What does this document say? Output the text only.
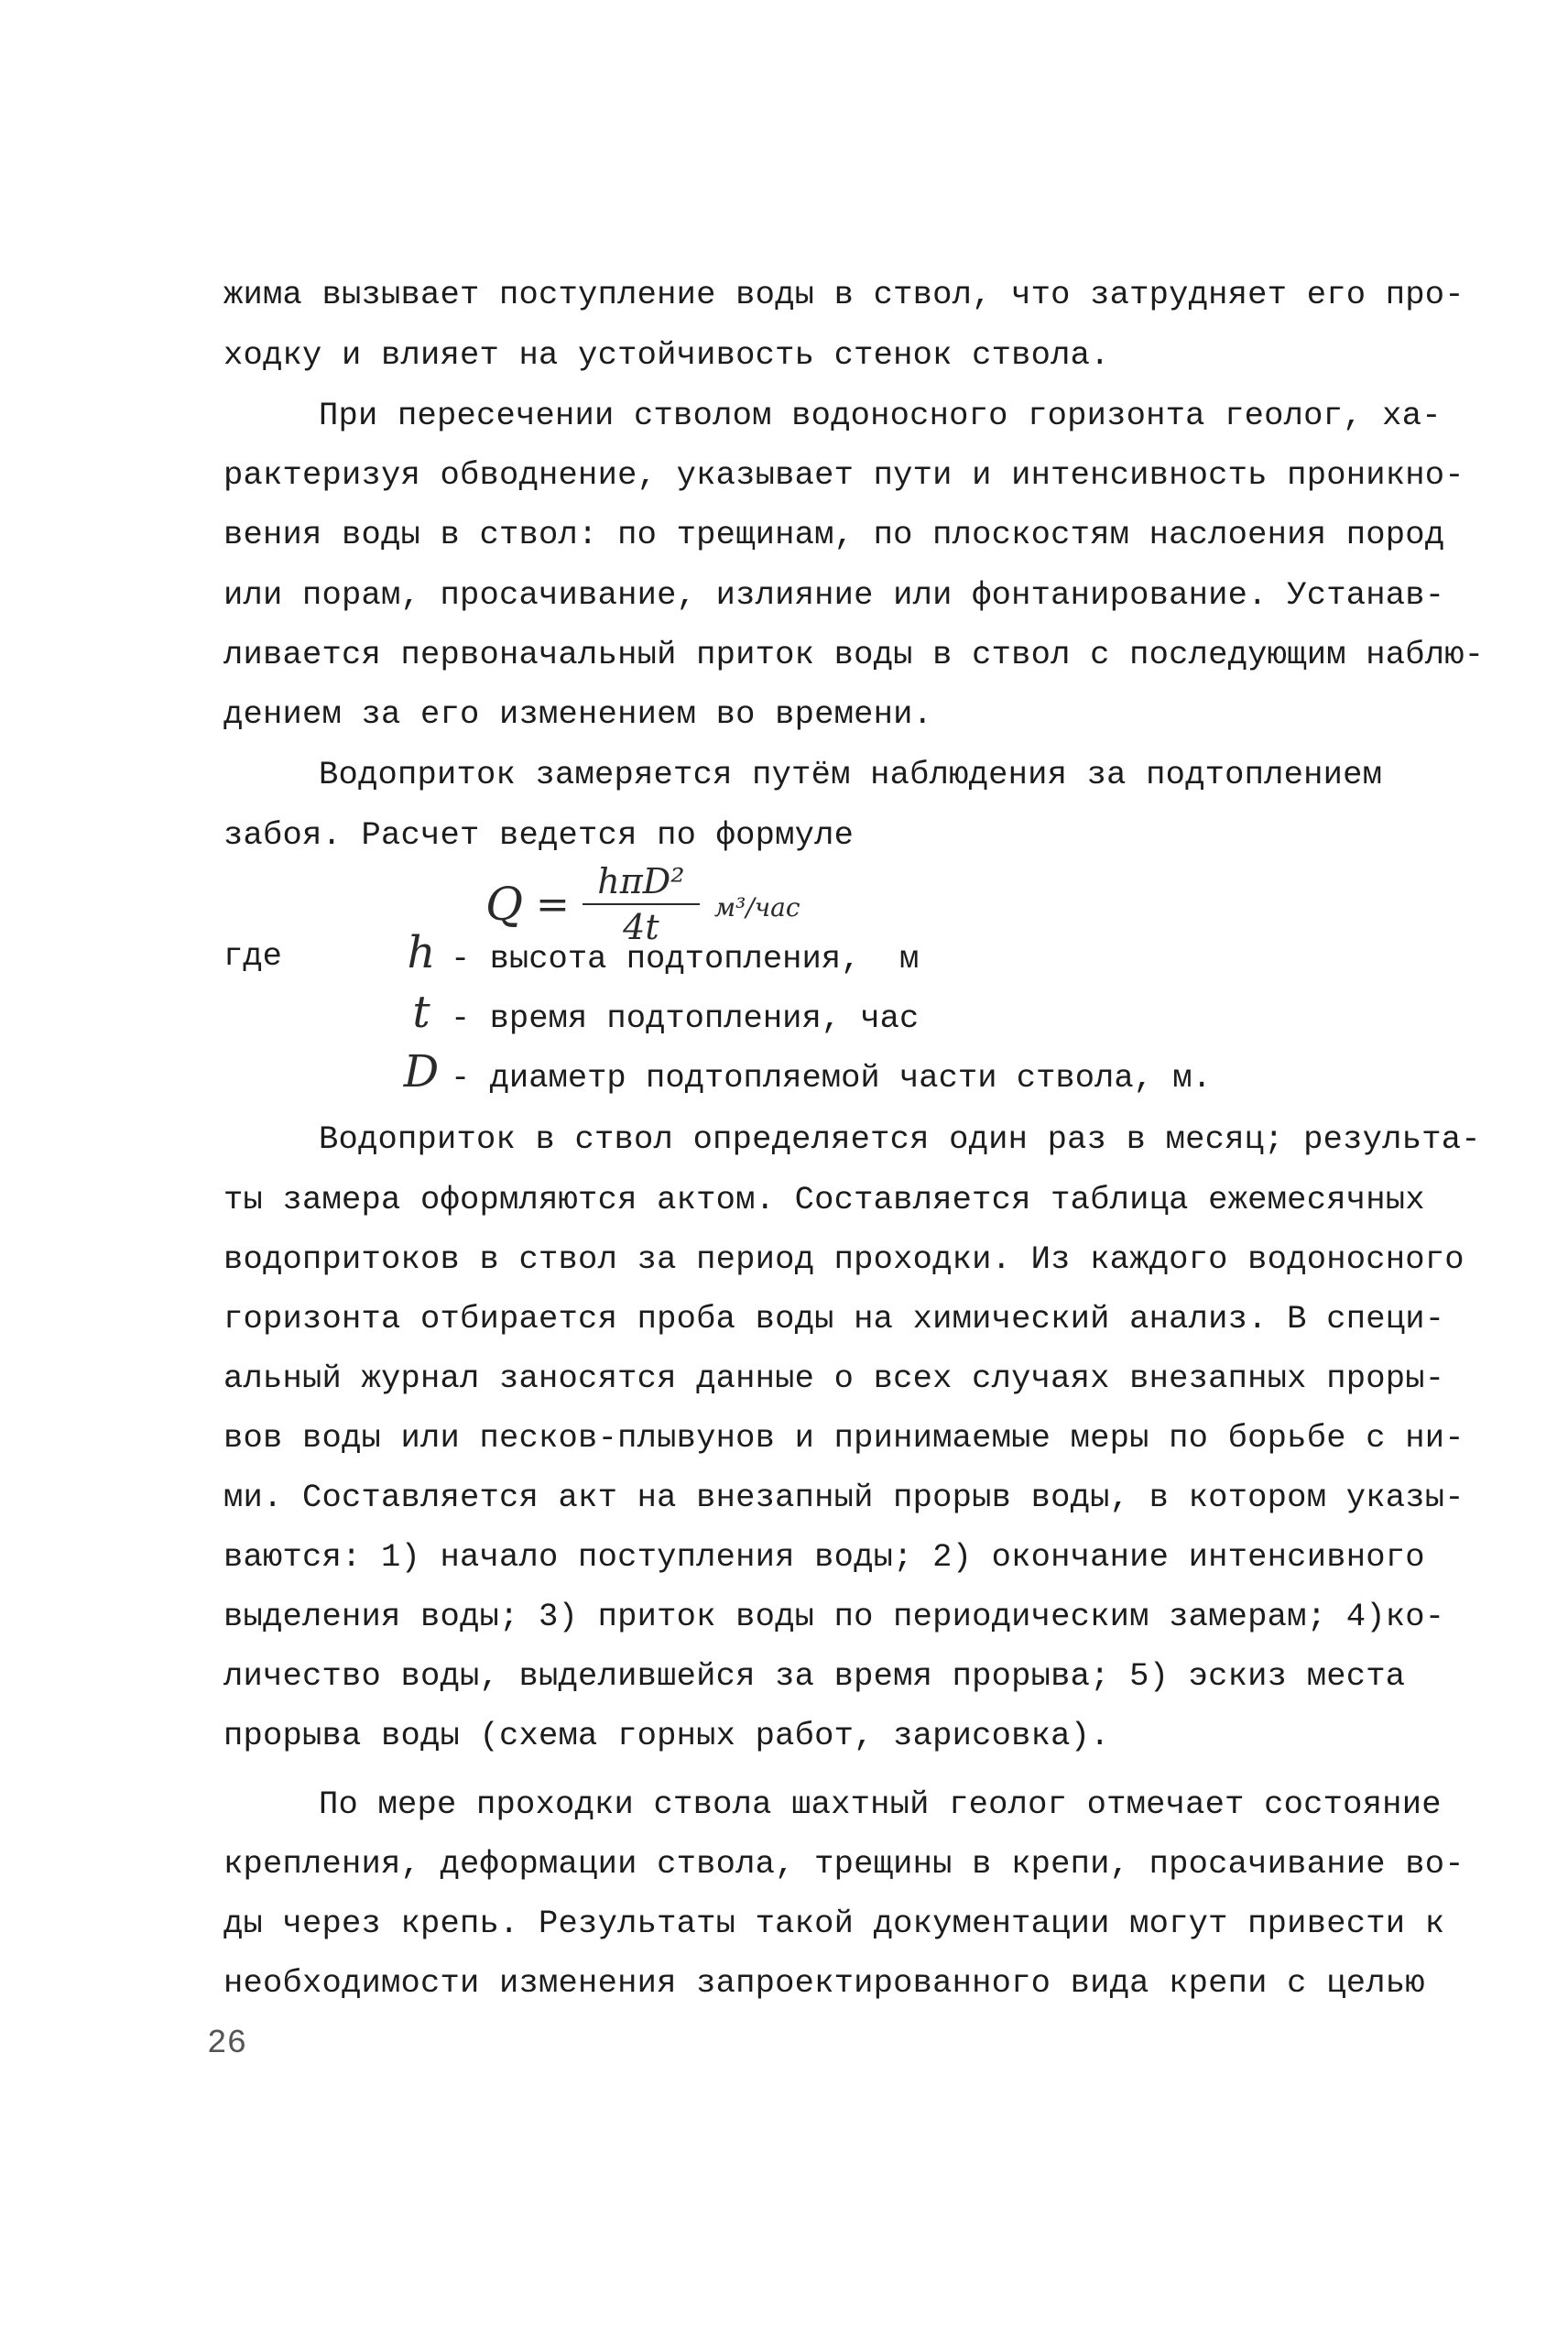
жима вызывает поступление воды в ствол, что затрудняет его про-
ходку и влияет на устойчивость стенок ствола.
При пересечении стволом водоносного горизонта геолог, ха-
рактеризуя обводнение, указывает пути и интенсивность проникно-
вения воды в ствол: по трещинам, по плоскостям наслоения пород
или порам, просачивание, излияние или фонтанирование. Устанав-
ливается первоначальный приток воды в ствол с последующим наблю-
дением за его изменением во времени.
Водоприток замеряется путём наблюдения за подтоплением
забоя. Расчет ведется по формуле
$Q = \frac{\text{hπD²}}{4t} м^3/час$
где	h - высота подтопления,  м
t - время подтопления, час
D - диаметр подтопляемой части ствола, м.
Водоприток в ствол определяется один раз в месяц; результа-
ты замера оформляются актом. Составляется таблица ежемесячных
водопритоков в ствол за период проходки. Из каждого водоносного
горизонта отбирается проба воды на химический анализ. В специ-
альный журнал заносятся данные о всех случаях внезапных проры-
вов воды или песков-плывунов и принимаемые меры по борьбе с ни-
ми. Составляется акт на внезапный прорыв воды, в котором указы-
ваются: 1) начало поступления воды; 2) окончание интенсивного
выделения воды; 3) приток воды по периодическим замерам; 4)ко-
личество воды, выделившейся за время прорыва; 5) эскиз места
прорыва воды (схема горных работ, зарисовка).
По мере проходки ствола шахтный геолог отмечает состояние
крепления, деформации ствола, трещины в крепи, просачивание во-
ды через крепь. Результаты такой документации могут привести к
необходимости изменения запроектированного вида крепи с целью
26
